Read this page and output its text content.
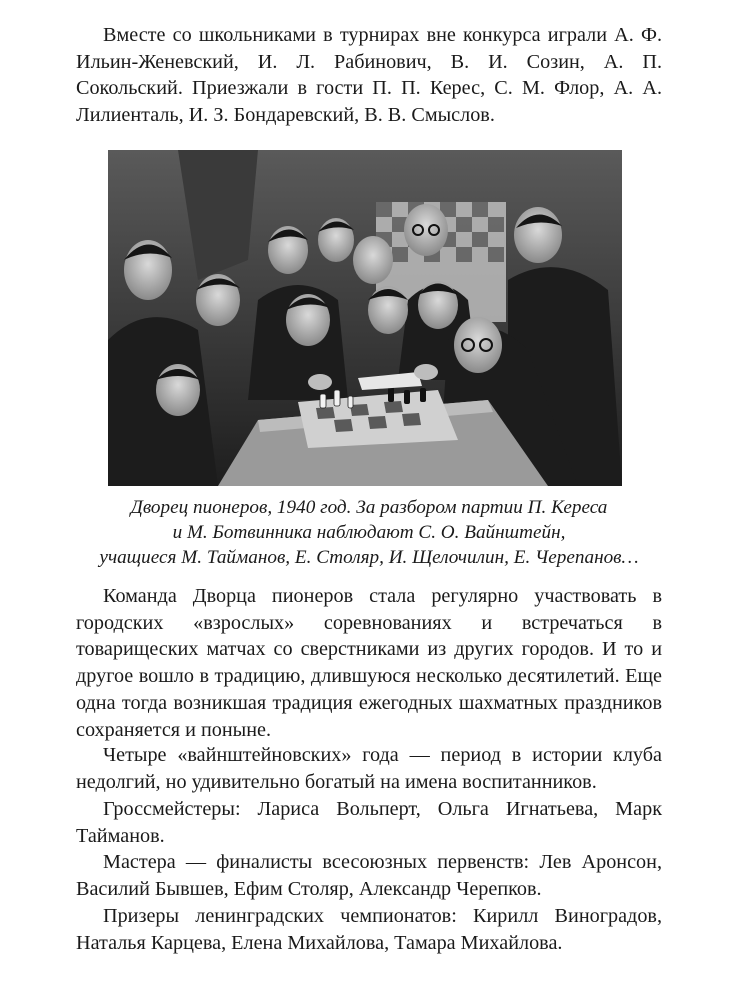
Вместе со школьниками в турнирах вне конкурса играли А. Ф. Ильин-Женевский, И. Л. Рабинович, В. И. Созин, А. П. Сокольский. Приезжали в гости П. П. Керес, С. М. Флор, А. А. Лилиенталь, И. З. Бондаревский, В. В. Смыслов.

Дворец пионеров, 1940 год. За разбором партии П. Кереса
и М. Ботвинника наблюдают С. О. Вайнштейн,
учащиеся М. Тайманов, Е. Столяр, И. Щелочилин, Е. Черепанов…

Команда Дворца пионеров стала регулярно участвовать в городских «взрослых» соревнованиях и встречаться в товарищеских матчах со сверстниками из других городов. И то и другое вошло в традицию, длившуюся несколько десятилетий. Еще одна тогда возникшая традиция ежегодных шахматных праздников сохраняется и поныне.

Четыре «вайнштейновских» года — период в истории клуба недолгий, но удивительно богатый на имена воспитанников.

Гроссмейстеры: Лариса Вольперт, Ольга Игнатьева, Марк Тайманов.

Мастера — финалисты всесоюзных первенств: Лев Аронсон, Василий Бывшев, Ефим Столяр, Александр Черепков.

Призеры ленинградских чемпионатов: Кирилл Виноградов, Наталья Карцева, Елена Михайлова, Тамара Михайлова.
